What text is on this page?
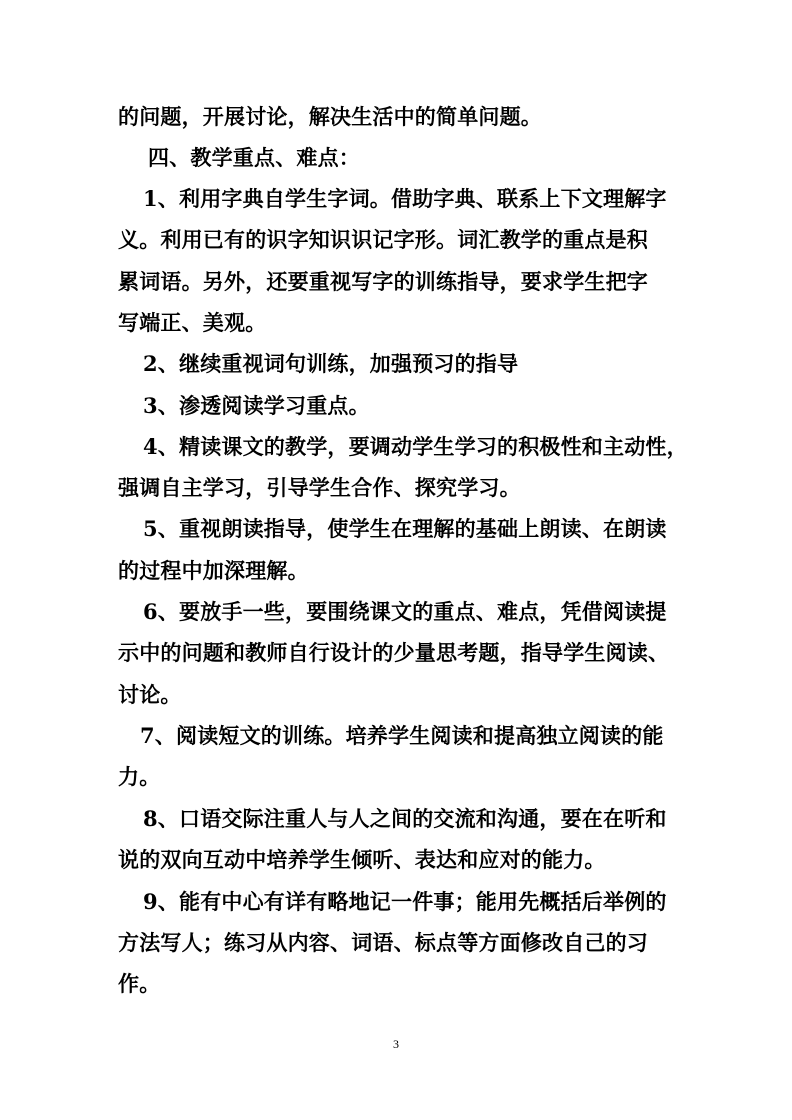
的问题，开展讨论，解决生活中的简单问题。
四、教学重点、难点：
1、利用字典自学生字词。借助字典、联系上下文理解字
义。利用已有的识字知识识记字形。词汇教学的重点是积
累词语。另外，还要重视写字的训练指导，要求学生把字
写端正、美观。
2、继续重视词句训练，加强预习的指导
3、渗透阅读学习重点。
4、精读课文的教学，要调动学生学习的积极性和主动性，
强调自主学习，引导学生合作、探究学习。
5、重视朗读指导，使学生在理解的基础上朗读、在朗读
的过程中加深理解。
6、要放手一些，要围绕课文的重点、难点，凭借阅读提
示中的问题和教师自行设计的少量思考题，指导学生阅读、
讨论。
7、阅读短文的训练。培养学生阅读和提高独立阅读的能
力。
8、口语交际注重人与人之间的交流和沟通，要在在听和
说的双向互动中培养学生倾听、表达和应对的能力。
9、能有中心有详有略地记一件事；能用先概括后举例的
方法写人；练习从内容、词语、标点等方面修改自己的习
作。
3
